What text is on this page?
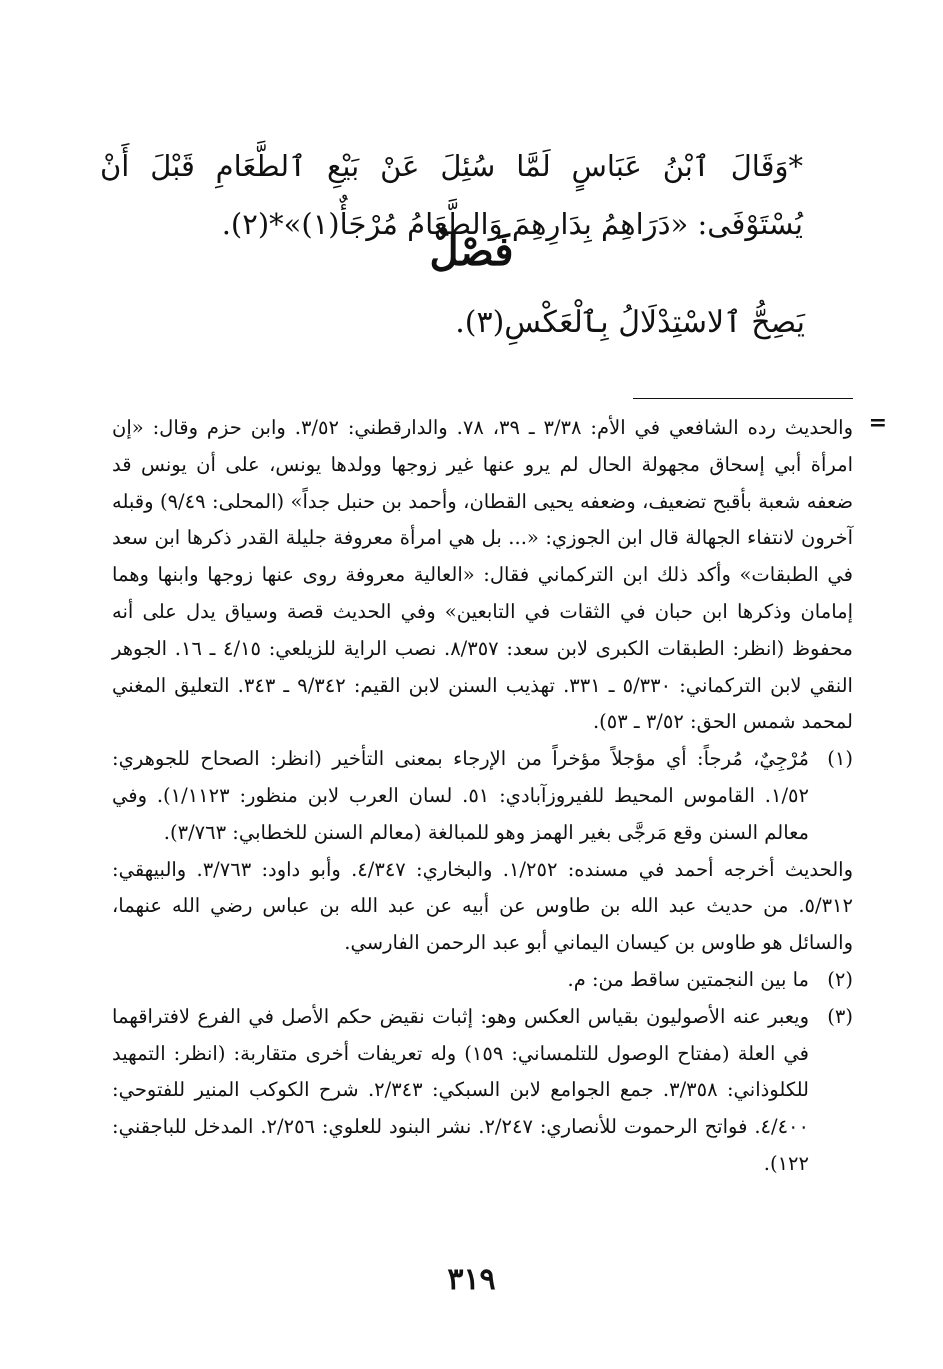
*وَقَالَ ٱبْنُ عَبَاسٍ لَمَّا سُئِلَ عَنْ بَيْعِ ٱلطَّعَامِ قَبْلَ أَنْ يُسْتَوْفَى: «دَرَاهِمُ بِدَارِهِمَ وَالطَّعَامُ مُرْجَأٌ(١)»*(٢).

فَصْلٌ

يَصِحُّ ٱلاسْتِدْلَالُ بِٱلْعَكْسِ(٣).

=

والحديث رده الشافعي في الأم: ٣/٣٨ ـ ٣٩، ٧٨. والدارقطني: ٣/٥٢. وابن حزم وقال: «إن امرأة أبي إسحاق مجهولة الحال لم يرو عنها غير زوجها وولدها يونس، على أن يونس قد ضعفه شعبة بأقبح تضعيف، وضعفه يحيى القطان، وأحمد بن حنبل جداً» (المحلى: ٩/٤٩) وقبله آخرون لانتفاء الجهالة قال ابن الجوزي: «... بل هي امرأة معروفة جليلة القدر ذكرها ابن سعد في الطبقات» وأكد ذلك ابن التركماني فقال: «العالية معروفة روى عنها زوجها وابنها وهما إمامان وذكرها ابن حبان في الثقات في التابعين» وفي الحديث قصة وسياق يدل على أنه محفوظ (انظر: الطبقات الكبرى لابن سعد: ٨/٣٥٧. نصب الراية للزيلعي: ٤/١٥ ـ ١٦. الجوهر النقي لابن التركماني: ٥/٣٣٠ ـ ٣٣١. تهذيب السنن لابن القيم: ٩/٣٤٢ ـ ٣٤٣. التعليق المغني لمحمد شمس الحق: ٣/٥٢ ـ ٥٣).

(١)

مُرْجِيٌ، مُرجاً: أي مؤجلاً مؤخراً من الإرجاء بمعنى التأخير (انظر: الصحاح للجوهري: ١/٥٢. القاموس المحيط للفيروزآبادي: ٥١. لسان العرب لابن منظور: ١/١١٢٣). وفي معالم السنن وقع مَرجَّى بغير الهمز وهو للمبالغة (معالم السنن للخطابي: ٣/٧٦٣).

والحديث أخرجه أحمد في مسنده: ١/٢٥٢. والبخاري: ٤/٣٤٧. وأبو داود: ٣/٧٦٣. والبيهقي: ٥/٣١٢. من حديث عبد الله بن طاوس عن أبيه عن عبد الله بن عباس رضي الله عنهما، والسائل هو طاوس بن كيسان اليماني أبو عبد الرحمن الفارسي.

(٢)

ما بين النجمتين ساقط من: م.

(٣)

ويعبر عنه الأصوليون بقياس العكس وهو: إثبات نقيض حكم الأصل في الفرع لافتراقهما في العلة (مفتاح الوصول للتلمساني: ١٥٩) وله تعريفات أخرى متقاربة: (انظر: التمهيد للكلوذاني: ٣/٣٥٨. جمع الجوامع لابن السبكي: ٢/٣٤٣. شرح الكوكب المنير للفتوحي: ٤/٤٠٠. فواتح الرحموت للأنصاري: ٢/٢٤٧. نشر البنود للعلوي: ٢/٢٥٦. المدخل للباجقني: ١٢٢).

٣١٩
